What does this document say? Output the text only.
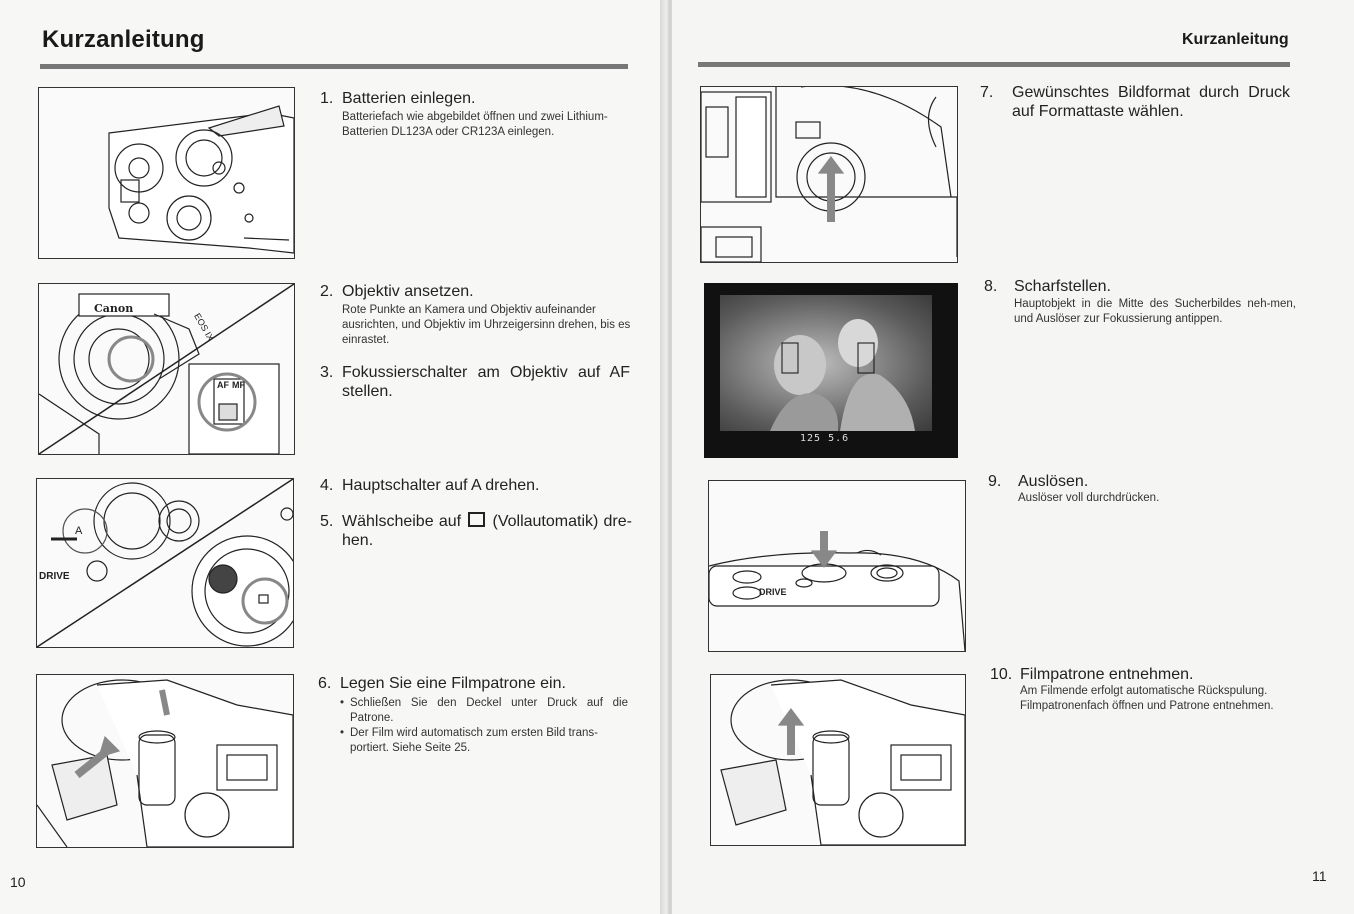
Kurzanleitung
1. Batterien einlegen.
Batteriefach wie abgebildet öffnen und zwei Lithium-Batterien DL123A oder CR123A einlegen.
Canon
EOS IX
AF MF
2. Objektiv ansetzen.
Rote Punkte an Kamera und Objektiv aufeinander ausrichten, und Objektiv im Uhrzeigersinn drehen, bis es einrastet.
3. Fokussierschalter am Objektiv auf AF stellen.
DRIVE
A
4. Hauptschalter auf A drehen.
5. Wählscheibe auf (Vollautomatik) dre-hen.
6. Legen Sie eine Filmpatrone ein.
• Schließen Sie den Deckel unter Druck auf die Patrone.
• Der Film wird automatisch zum ersten Bild trans-portiert. Siehe Seite 25.
10
Kurzanleitung
7.	Gewünschtes Bildformat durch Druck auf Formattaste wählen.
125 5.6
8. Scharfstellen.
Hauptobjekt in die Mitte des Sucherbildes neh-men, und Auslöser zur Fokussierung antippen.
DRIVE
9. Auslösen.
Auslöser voll durchdrücken.
10. Filmpatrone entnehmen.
Am Filmende erfolgt automatische Rückspulung. Filmpatronenfach öffnen und Patrone entnehmen.
11
